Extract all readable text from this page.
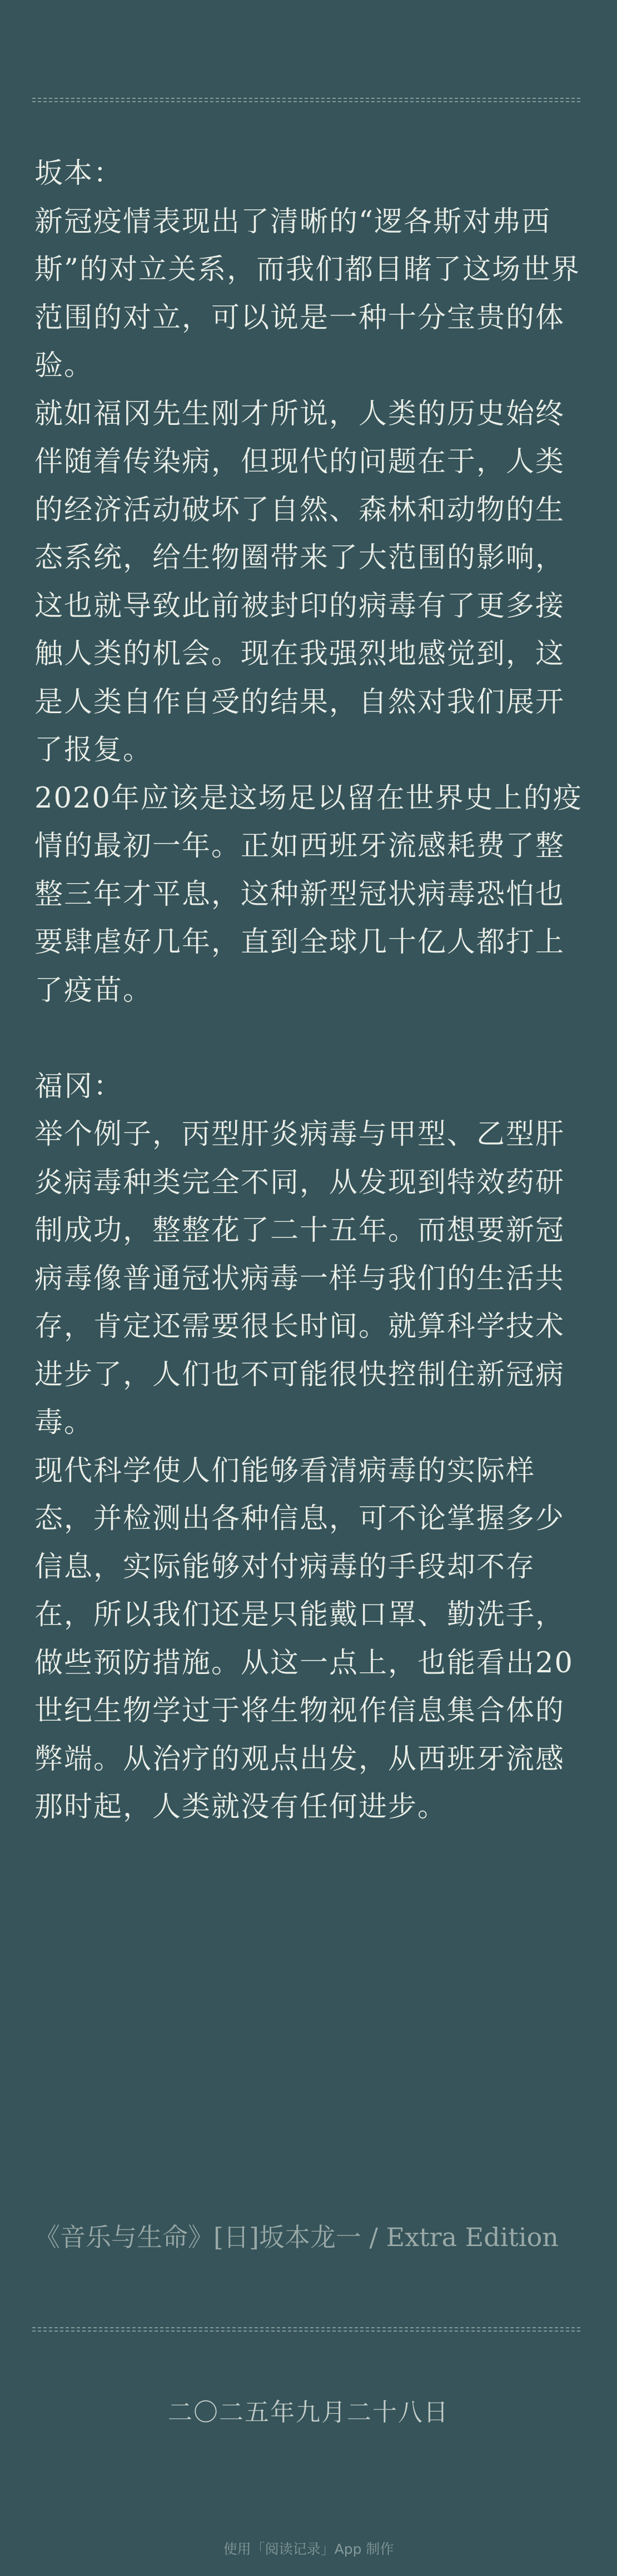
坂本：

新冠疫情表现出了清晰的“逻各斯对弗西斯”的对立关系，而我们都目睹了这场世界范围的对立，可以说是一种十分宝贵的体验。

就如福冈先生刚才所说，人类的历史始终伴随着传染病，但现代的问题在于，人类的经济活动破坏了自然、森林和动物的生态系统，给生物圈带来了大范围的影响，这也就导致此前被封印的病毒有了更多接触人类的机会。现在我强烈地感觉到，这是人类自作自受的结果，自然对我们展开了报复。

2020年应该是这场足以留在世界史上的疫情的最初一年。正如西班牙流感耗费了整整三年才平息，这种新型冠状病毒恐怕也要肆虐好几年，直到全球几十亿人都打上了疫苗。

福冈：

举个例子，丙型肝炎病毒与甲型、乙型肝炎病毒种类完全不同，从发现到特效药研制成功，整整花了二十五年。而想要新冠病毒像普通冠状病毒一样与我们的生活共存，肯定还需要很长时间。就算科学技术进步了，人们也不可能很快控制住新冠病毒。

现代科学使人们能够看清病毒的实际样态，并检测出各种信息，可不论掌握多少信息，实际能够对付病毒的手段却不存在，所以我们还是只能戴口罩、勤洗手，做些预防措施。从这一点上，也能看出20世纪生物学过于将生物视作信息集合体的弊端。从治疗的观点出发，从西班牙流感那时起，人类就没有任何进步。

《音乐与生命》[日]坂本龙一 / Extra Edition
二〇二五年九月二十八日
使用「阅读记录」App 制作
